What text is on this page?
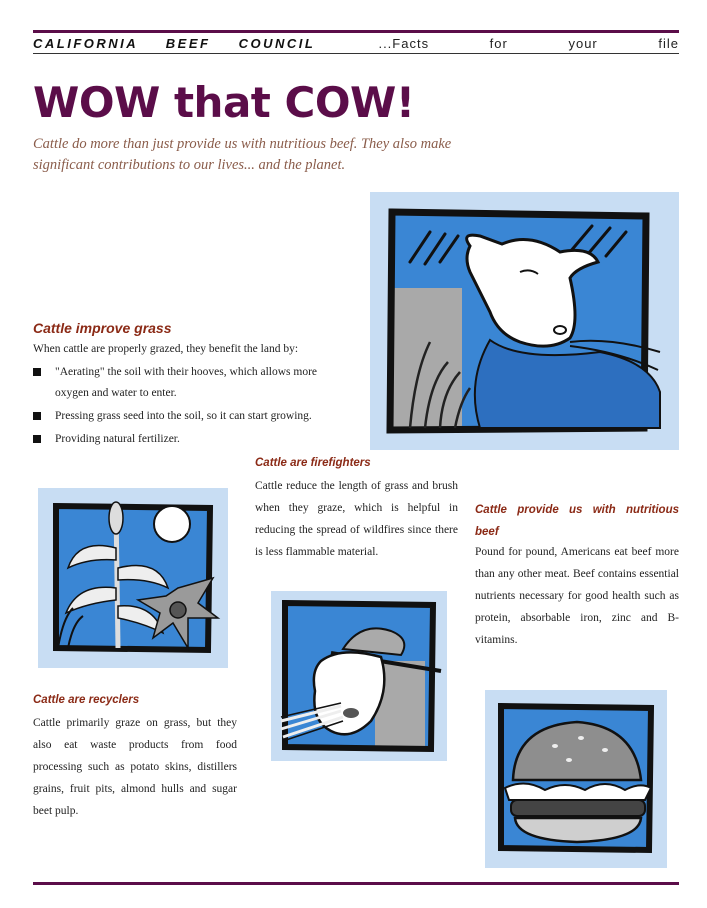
CALIFORNIA BEEF COUNCIL	...Facts for your file
WOW that COW!

Cattle do more than just provide us with nutritious beef. They also make significant contributions to our lives... and the planet.

Cattle improve grass

When cattle are properly grazed, they benefit the land by:

"Aerating" the soil with their hooves, which allows more oxygen and water to enter.
Pressing grass seed into the soil, so it can start growing.
Providing natural fertilizer.
Cattle are firefighters

Cattle reduce the length of grass and brush when they graze, which is helpful in reducing the spread of wildfires since there is less flammable material.

Cattle provide us with nutritious beef

Pound for pound, Americans eat beef more than any other meat. Beef contains essential nutrients necessary for good health such as protein, absorbable iron, zinc and B-vitamins.

Cattle are recyclers

Cattle primarily graze on grass, but they also eat waste products from food processing such as potato skins, distillers grains, fruit pits, almond hulls and sugar beet pulp.
